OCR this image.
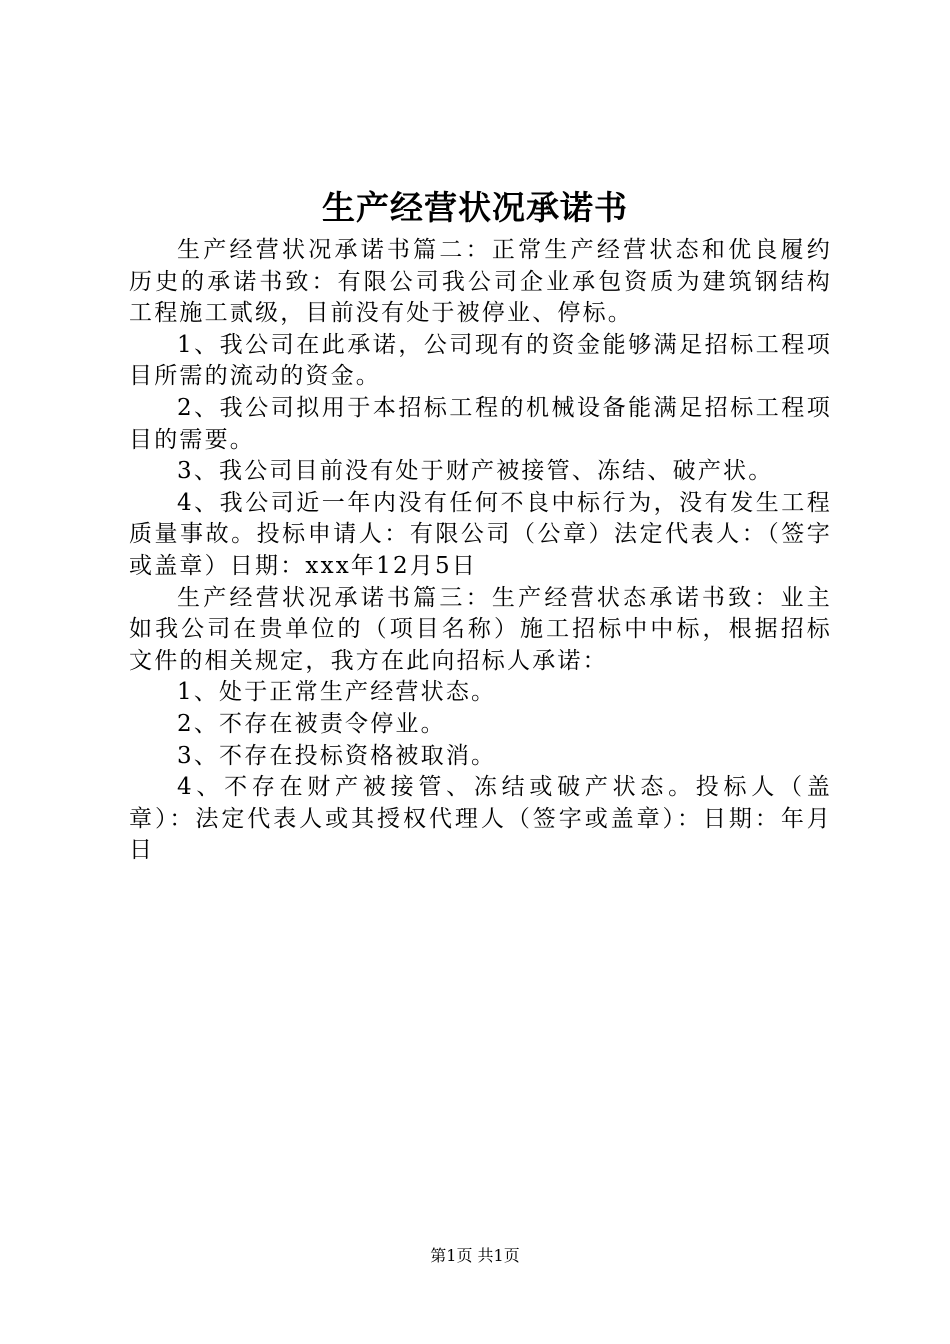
生产经营状况承诺书

生产经营状况承诺书篇二：正常生产经营状态和优良履约历史的承诺书致：有限公司我公司企业承包资质为建筑钢结构工程施工贰级，目前没有处于被停业、停标。

1、我公司在此承诺，公司现有的资金能够满足招标工程项目所需的流动的资金。

2、我公司拟用于本招标工程的机械设备能满足招标工程项目的需要。

3、我公司目前没有处于财产被接管、冻结、破产状。

4、我公司近一年内没有任何不良中标行为，没有发生工程质量事故。投标申请人：有限公司（公章）法定代表人：（签字或盖章）日期：xxx年12月5日

生产经营状况承诺书篇三：生产经营状态承诺书致：业主如我公司在贵单位的（项目名称）施工招标中中标，根据招标文件的相关规定，我方在此向招标人承诺：

1、处于正常生产经营状态。

2、不存在被责令停业。

3、不存在投标资格被取消。

4、不存在财产被接管、冻结或破产状态。投标人（盖章）：法定代表人或其授权代理人（签字或盖章）：日期：年月日

第1页 共1页
